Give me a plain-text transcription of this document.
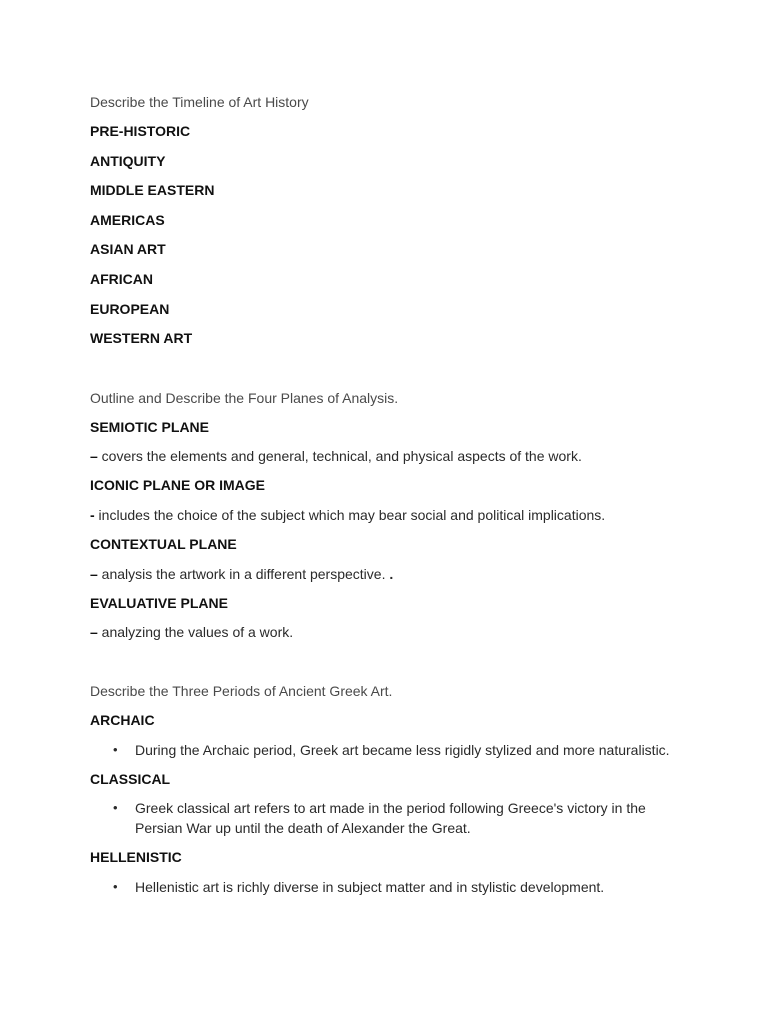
Describe the Timeline of Art History
PRE-HISTORIC
ANTIQUITY
MIDDLE EASTERN
AMERICAS
ASIAN ART
AFRICAN
EUROPEAN
WESTERN ART
Outline and Describe the Four Planes of Analysis.
SEMIOTIC PLANE
– covers the elements and general, technical, and physical aspects of the work.
ICONIC PLANE OR IMAGE
- includes the choice of the subject which may bear social and political implications.
CONTEXTUAL PLANE
– analysis the artwork in a different perspective. .
EVALUATIVE PLANE
– analyzing the values of a work.
Describe the Three Periods of Ancient Greek Art.
ARCHAIC
• During the Archaic period, Greek art became less rigidly stylized and more naturalistic.
CLASSICAL
• Greek classical art refers to art made in the period following Greece's victory in the Persian War up until the death of Alexander the Great.
HELLENISTIC
• Hellenistic art is richly diverse in subject matter and in stylistic development.
